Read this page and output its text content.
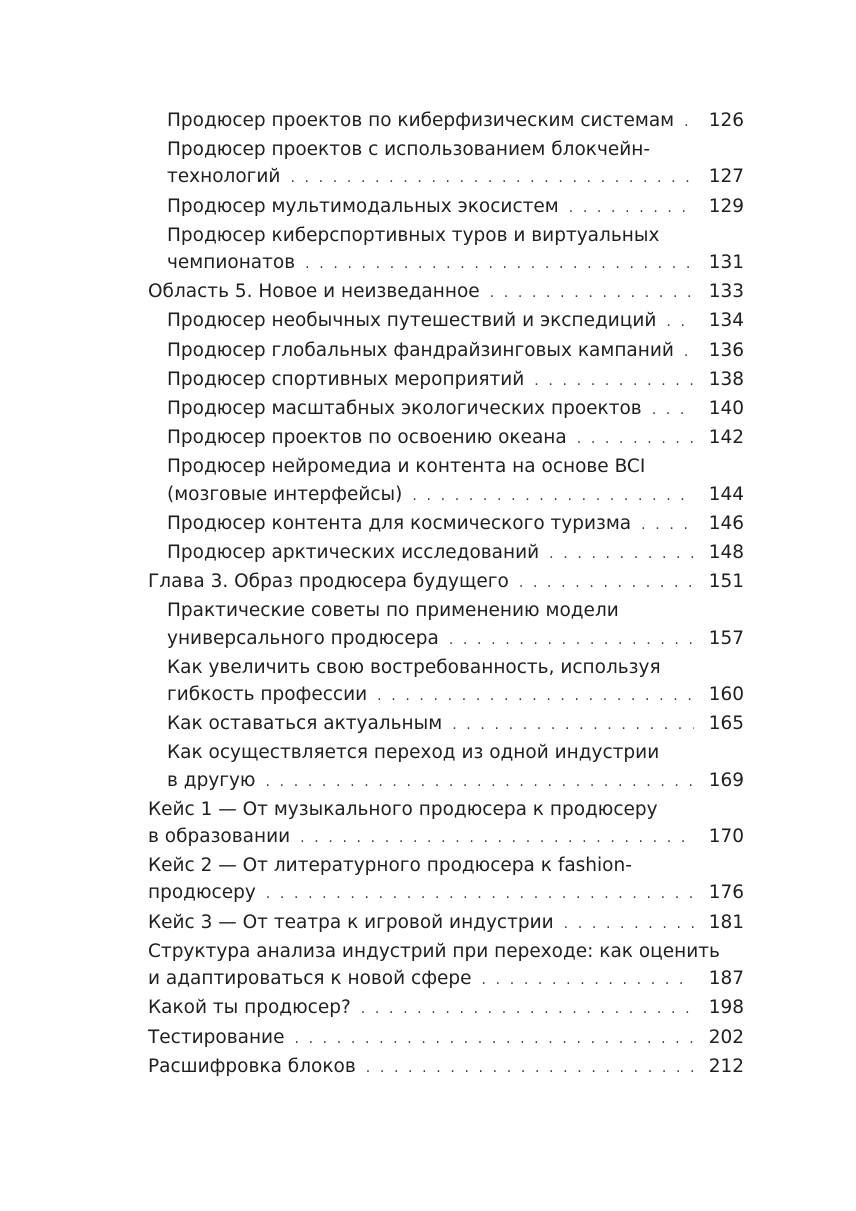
Продюсер проектов по киберфизическим системам . . . 126
Продюсер проектов с использованием блокчейн-
технологий . . .	127
Продюсер мультимодальных экосистем . . .	129
Продюсер киберспортивных туров и виртуальных
чемпионатов . . .	131
Область 5. Новое и неизведанное . . .	133
Продюсер необычных путешествий и экспедиций . . .	134
Продюсер глобальных фандрайзинговых кампаний . . . 136
Продюсер спортивных мероприятий . . .	138
Продюсер масштабных экологических проектов . . .	140
Продюсер проектов по освоению океана . . .	142
Продюсер нейромедиа и контента на основе BCI
(мозговые интерфейсы) . . .	144
Продюсер контента для космического туризма . . .	146
Продюсер арктических исследований . . .	148
Глава 3. Образ продюсера будущего . . .	151
Практические советы по применению модели
универсального продюсера . . .	157
Как увеличить свою востребованность, используя
гибкость профессии . . .	160
Как оставаться актуальным . . .	165
Как осуществляется переход из одной индустрии
в другую . . .	169
Кейс 1 — От музыкального продюсера к продюсеру
в образовании . . .	170
Кейс 2 — От литературного продюсера к fashion-
продюсеру . . .	176
Кейс 3 — От театра к игровой индустрии . . .	181
Структура анализа индустрий при переходе: как оценить
и адаптироваться к новой сфере . . .	187
Какой ты продюсер? . . .	198
Тестирование . . .	202
Расшифровка блоков . . .	212
